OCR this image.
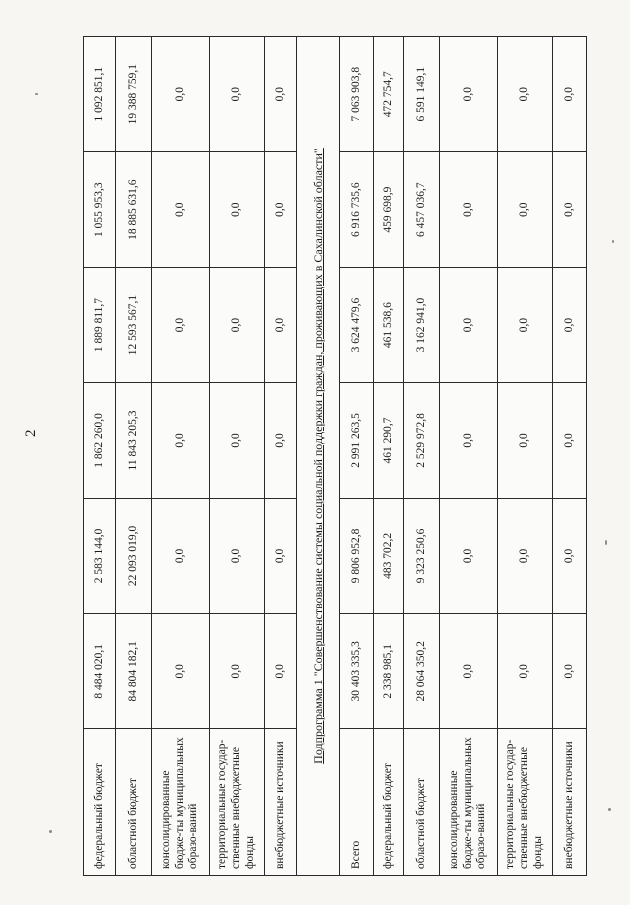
2
федеральный бюджет	8 484 020,1	2 583 144,0	1 862 260,0	1 889 811,7	1 055 953,3	1 092 851,1
областной бюджет	84 804 182,1	22 093 019,0	11 843 205,3	12 593 567,1	18 885 631,6	19 388 759,1
консолидированные бюдже-ты муниципальных образо-ваний	0,0	0,0	0,0	0,0	0,0	0,0
территориальные государ-ственные внебюджетные фонды	0,0	0,0	0,0	0,0	0,0	0,0
внебюджетные источники	0,0	0,0	0,0	0,0	0,0	0,0
Подпрограмма 1 "Совершенствование системы социальной поддержки граждан, проживающих в Сахалинской области"						
Всего	30 403 335,3	9 806 952,8	2 991 263,5	3 624 479,6	6 916 735,6	7 063 903,8
федеральный бюджет	2 338 985,1	483 702,2	461 290,7	461 538,6	459 698,9	472 754,7
областной бюджет	28 064 350,2	9 323 250,6	2 529 972,8	3 162 941,0	6 457 036,7	6 591 149,1
консолидированные бюдже-ты муниципальных образо-ваний	0,0	0,0	0,0	0,0	0,0	0,0
территориальные государ-ственные внебюджетные фонды	0,0	0,0	0,0	0,0	0,0	0,0
внебюджетные источники	0,0	0,0	0,0	0,0	0,0	0,0
